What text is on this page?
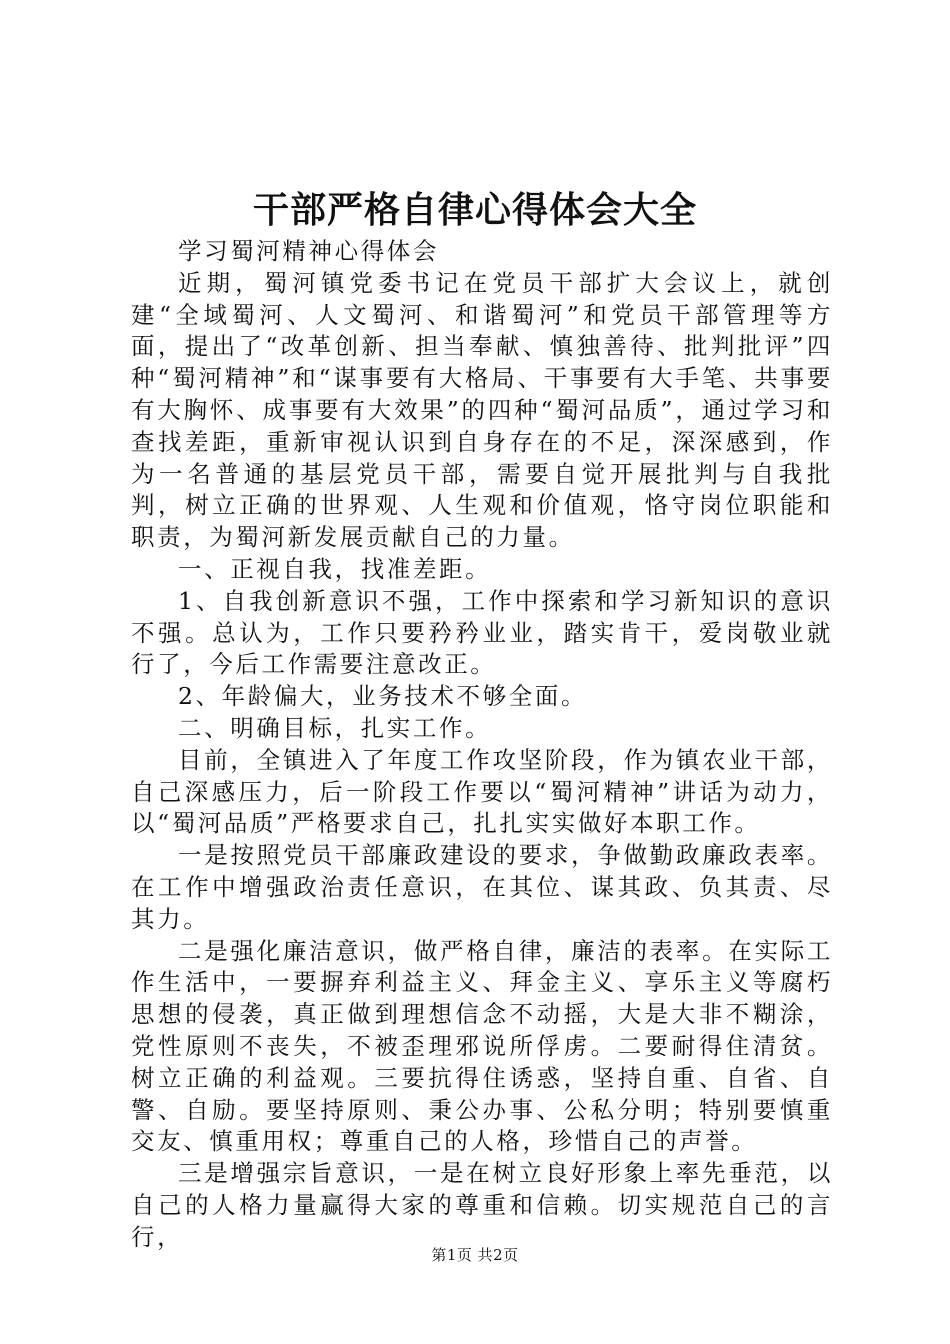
干部严格自律心得体会大全

学习蜀河精神心得体会

近期，蜀河镇党委书记在党员干部扩大会议上，就创建“全域蜀河、人文蜀河、和谐蜀河”和党员干部管理等方面，提出了“改革创新、担当奉献、慎独善待、批判批评”四种“蜀河精神”和“谋事要有大格局、干事要有大手笔、共事要有大胸怀、成事要有大效果”的四种“蜀河品质”，通过学习和查找差距，重新审视认识到自身存在的不足，深深感到，作为一名普通的基层党员干部，需要自觉开展批判与自我批判，树立正确的世界观、人生观和价值观，恪守岗位职能和职责，为蜀河新发展贡献自己的力量。

一、正视自我，找准差距。

1、自我创新意识不强，工作中探索和学习新知识的意识不强。总认为，工作只要矜矜业业，踏实肯干，爱岗敬业就行了，今后工作需要注意改正。

2、年龄偏大，业务技术不够全面。

二、明确目标，扎实工作。

目前，全镇进入了年度工作攻坚阶段，作为镇农业干部，自己深感压力，后一阶段工作要以“蜀河精神”讲话为动力，以“蜀河品质”严格要求自己，扎扎实实做好本职工作。

一是按照党员干部廉政建设的要求，争做勤政廉政表率。在工作中增强政治责任意识，在其位、谋其政、负其责、尽其力。

二是强化廉洁意识，做严格自律，廉洁的表率。在实际工作生活中，一要摒弃利益主义、拜金主义、享乐主义等腐朽思想的侵袭，真正做到理想信念不动摇，大是大非不糊涂，党性原则不丧失，不被歪理邪说所俘虏。二要耐得住清贫。树立正确的利益观。三要抗得住诱惑，坚持自重、自省、自警、自励。要坚持原则、秉公办事、公私分明；特别要慎重交友、慎重用权；尊重自己的人格，珍惜自己的声誉。

三是增强宗旨意识，一是在树立良好形象上率先垂范，以自己的人格力量赢得大家的尊重和信赖。切实规范自己的言行，

第1页 共2页
